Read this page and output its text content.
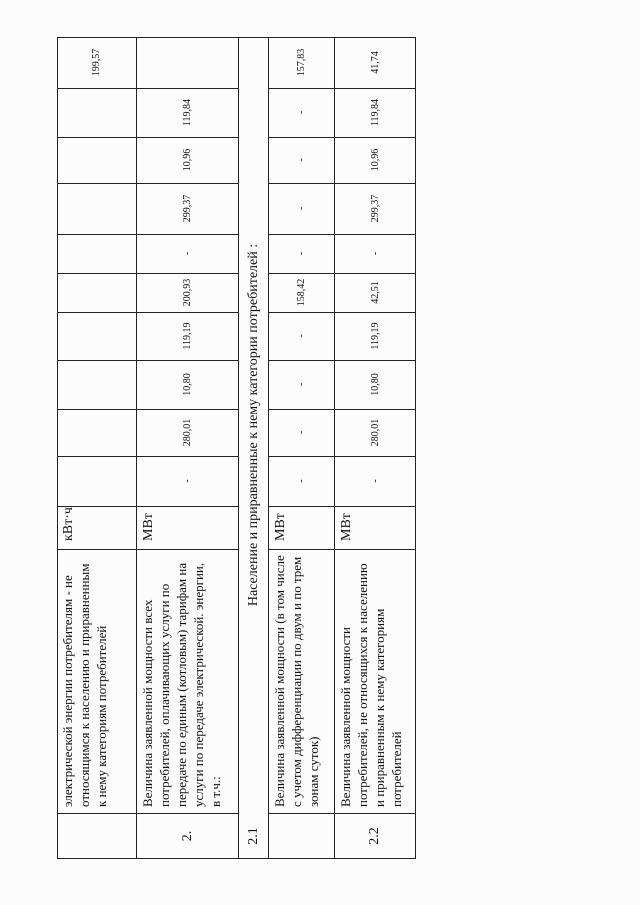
электрической энергии потребителям - не относящимся к населению и приравненным к нему категориям потребителей
кВт·ч
2.
Величина заявленной мощности всех потребителей, оплачивающих услуги по передаче по единым (котловым) тарифам на услуги по передаче электрической. энергии, в т.ч.:
МВт
2.1
Население и приравненные к нему категории потребителей :
Величина заявленной мощности (в том числе с учетом дифференциации по двум и по трем зонам суток)
МВт
2.2
Величина заявленной мощности потребителей, не относящихся к населению и приравненным к нему категориям потребителей
МВт
199,57
-
280,01
10,80
119,19
200,93
-
299,37
10,96
119,84
-
-
-
-
158,42
-
-
-
-
157,83
-
280,01
10,80
119,19
42,51
-
299,37
10,96
119,84
41,74
